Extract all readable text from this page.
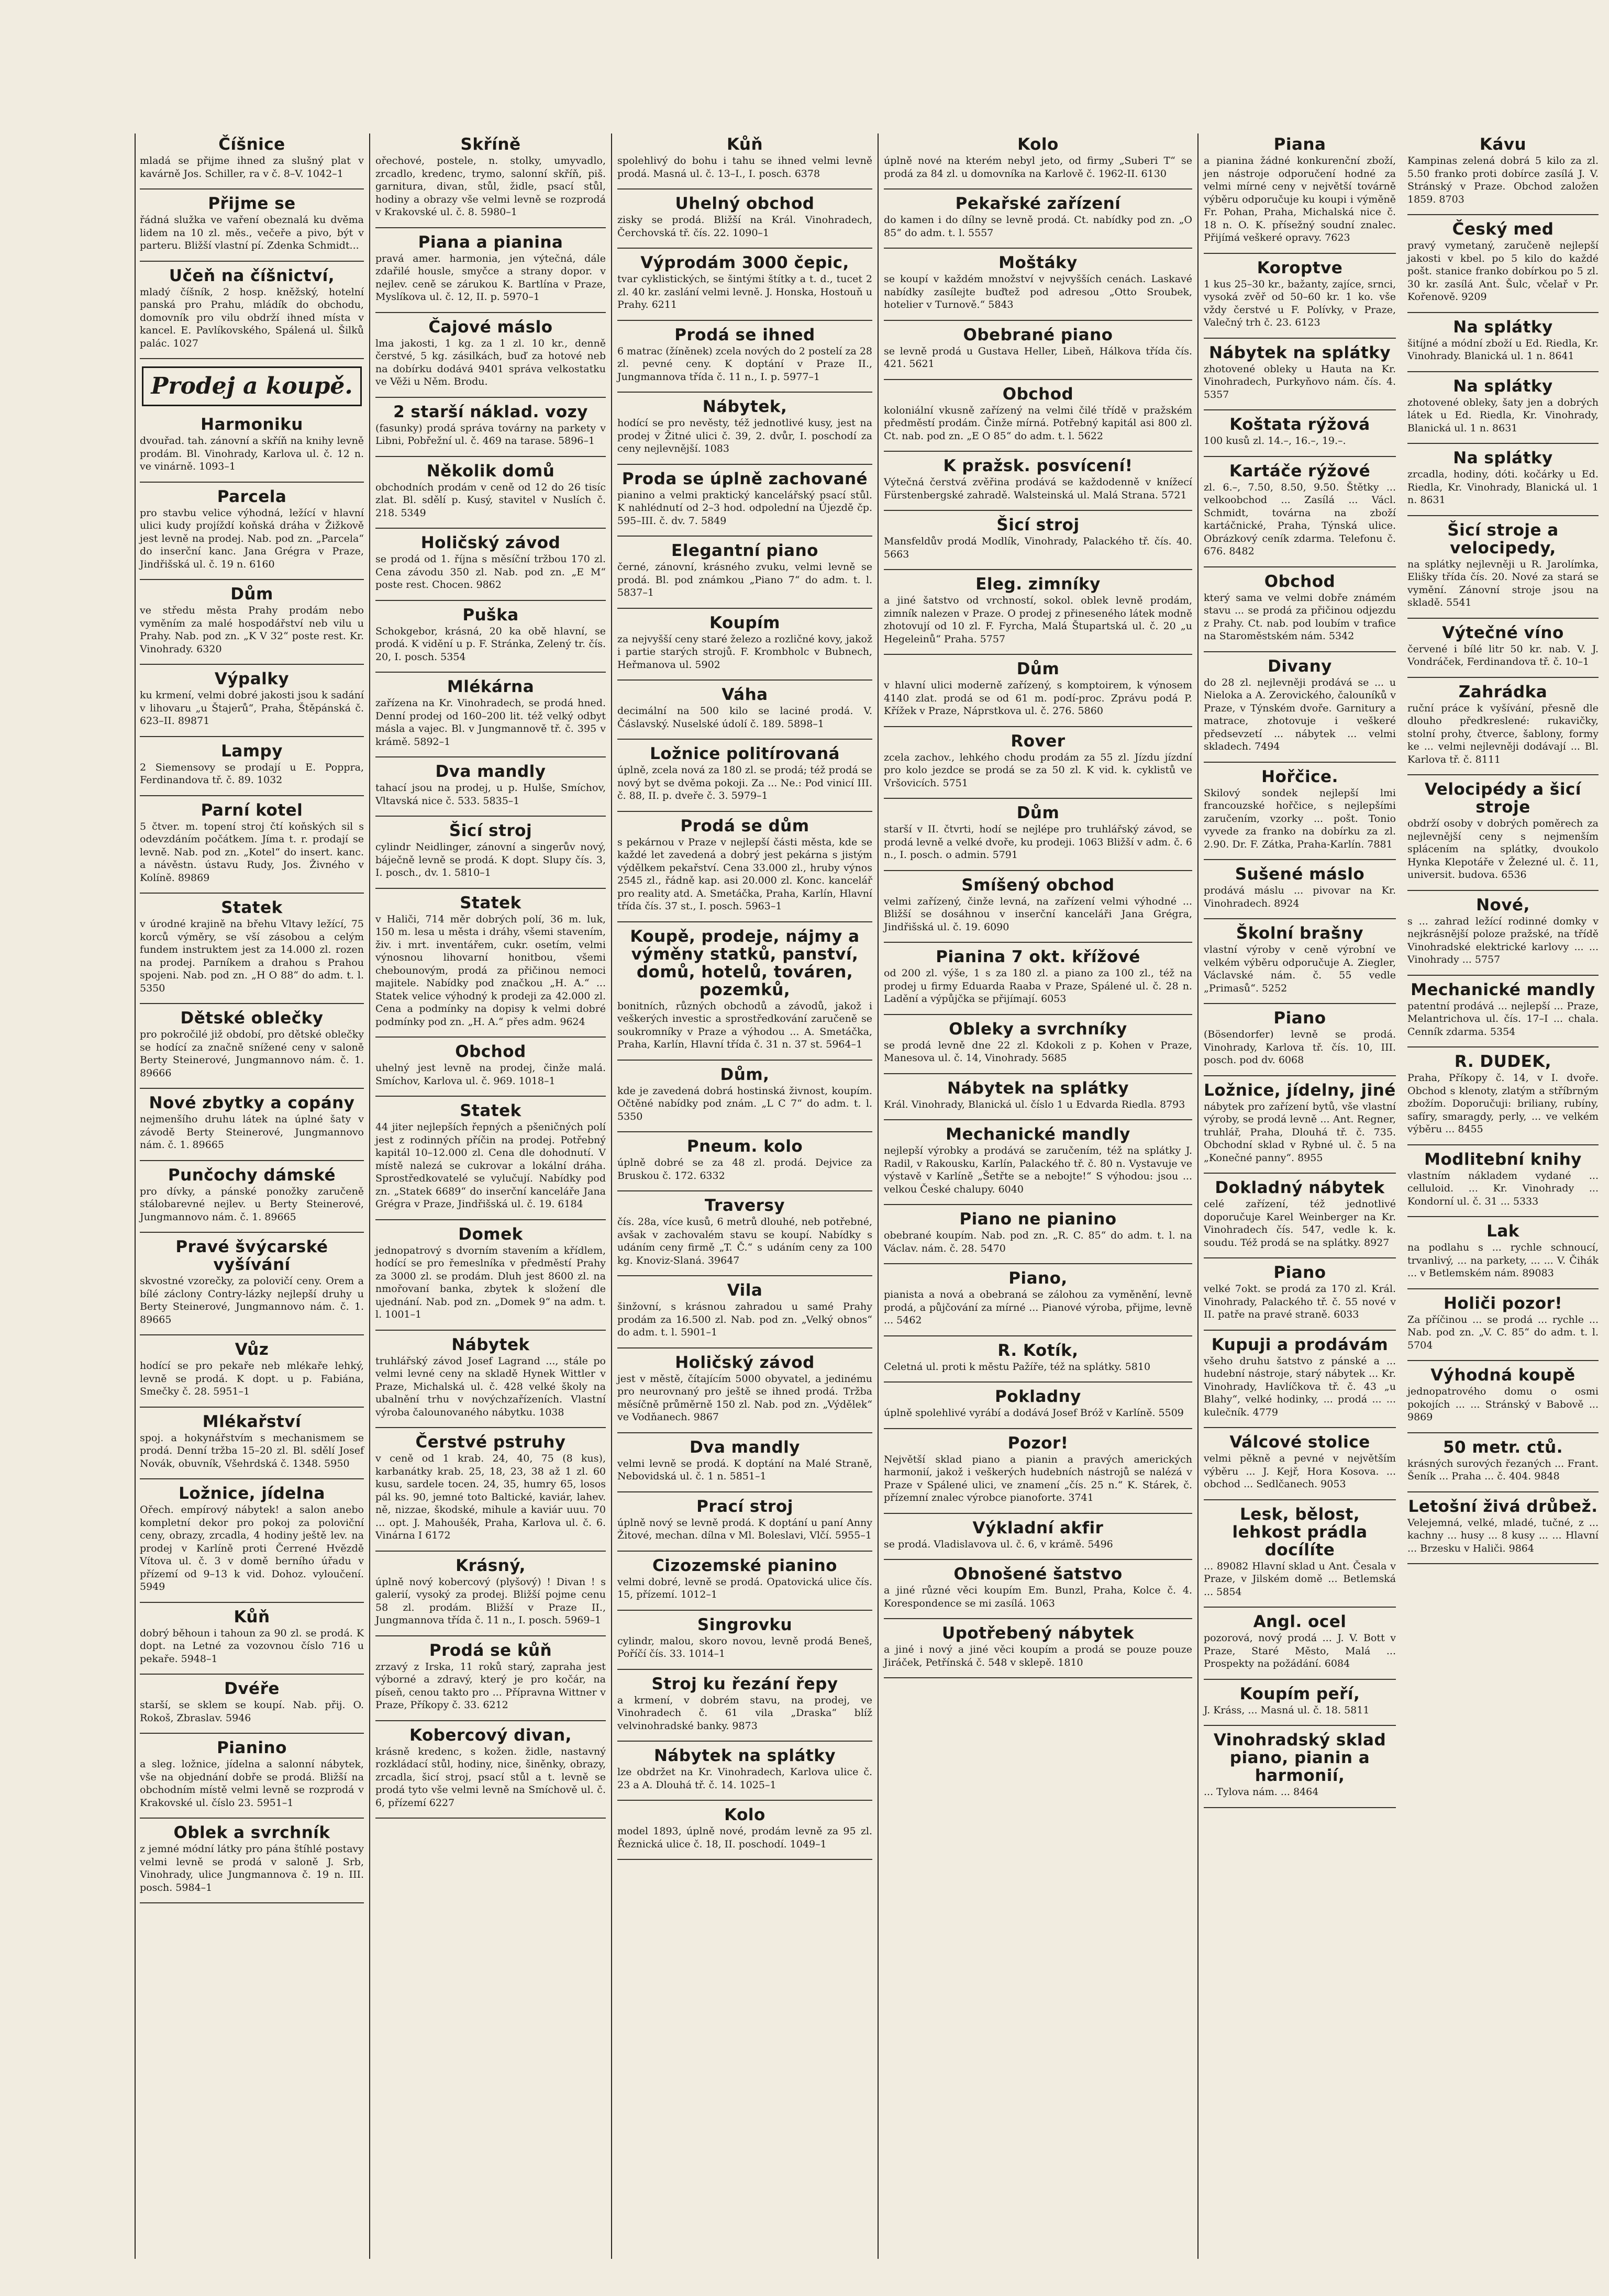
Číšnice

mladá se přijme ihned za slušný plat v kavárně Jos. Schiller, ra v č. 8–V. 1042–1

Přijme se

řádná služka ve vaření obeznalá ku dvěma lidem na 10 zl. měs., večeře a pivo, být v parteru. Bližší vlastní pí. Zdenka Schmidt...

Učeň na číšnictví,

mladý číšník, 2 hosp. kněžský, hotelní panská pro Prahu, mládík do obchodu, domovník pro vilu obdrží ihned místa v kancel. E. Pavlíkovského, Spálená ul. Šilků palác. 1027

Prodej a koupě.
Harmoniku

dvouřad. tah. zánovní a skříň na knihy levně prodám. Bl. Vinohrady, Karlova ul. č. 12 n. ve vinárně. 1093–1

Parcela

pro stavbu velice výhodná, ležící v hlavní ulici kudy projíždí koňská dráha v Žižkově jest levně na prodej. Nab. pod zn. „Parcela“ do inserční kanc. Jana Grégra v Praze, Jindřišská ul. č. 19 n. 6160

Dům

ve středu města Prahy prodám nebo vyměním za malé hospodářství neb vilu u Prahy. Nab. pod zn. „K V 32“ poste rest. Kr. Vinohrady. 6320

Výpalky

ku krmení, velmi dobré jakosti jsou k sadání v lihovaru „u Štajerů“, Praha, Štěpánská č. 623–II. 89871

Lampy

2 Siemensovy se prodají u E. Poppra, Ferdinandova tř. č. 89. 1032

Parní kotel

5 čtver. m. topení stroj čtí koňských sil s odevzdáním počátkem. Jíma t. r. prodají se levně. Nab. pod zn. „Kotel“ do insert. kanc. a návěstn. ústavu Rudy, Jos. Živného v Kolíně. 89869

Statek

v úrodné krajině na břehu Vltavy ležící, 75 korců výměry, se vší zásobou a celým fundem instruktem jest za 14.000 zl. rozen na prodej. Parníkem a drahou s Prahou spojeni. Nab. pod zn. „H O 88“ do adm. t. l. 5350

Dětské oblečky

pro pokročilé již období, pro dětské oblečky se hodící za značně snížené ceny v saloně Berty Steinerové, Jungmannovo nám. č. 1. 89666

Nové zbytky a copány

nejmenšího druhu látek na úplné šaty v závodě Berty Steinerové, Jungmannovo nám. č. 1. 89665

Punčochy dámské

pro dívky, a pánské ponožky zaručeně stálobarevné nejlev. u Berty Steinerové, Jungmannovo nám. č. 1. 89665

Pravé švýcarské vyšívání

skvostné vzorečky, za polovičí ceny. Orem a bílé záclony Contry-lázky nejlepší druhy u Berty Steinerové, Jungmannovo nám. č. 1. 89665

Vůz

hodící se pro pekaře neb mlékaře lehký, levně se prodá. K dopt. u p. Fabiána, Smečky č. 28. 5951–1

Mlékařství

spoj. a hokynářstvím s mechanismem se prodá. Denní tržba 15–20 zl. Bl. sdělí Josef Novák, obuvník, Všehrdská č. 1348. 5950

Ložnice, jídelna

Ořech. empírový nábytek! a salon anebo kompletní dekor pro pokoj za poloviční ceny, obrazy, zrcadla, 4 hodiny ještě lev. na prodej v Karlíně proti Čerrené Hvězdě Vítova ul. č. 3 v domě berního úřadu v přízemí od 9–13 k vid. Dohoz. vyloučení. 5949

Kůň

dobrý běhoun i tahoun za 90 zl. se prodá. K dopt. na Letné za vozovnou číslo 716 u pekaře. 5948–1

Dvéře

starší, se sklem se koupí. Nab. přij. O. Rokoš, Zbraslav. 5946

Pianino

a sleg. ložnice, jídelna a salonní nábytek, vše na objednání dobře se prodá. Bližší na obchodním místě velmi levně se rozprodá v Krakovské ul. číslo 23. 5951–1

Oblek a svrchník

z jemné módní látky pro pána štíhlé postavy velmi levně se prodá v saloně J. Srb, Vinohrady, ulice Jungmannova č. 19 n. III. posch. 5984–1

Skříně

ořechové, postele, n. stolky, umyvadlo, zrcadlo, kredenc, trymo, salonní skříň, piš. garnitura, divan, stůl, židle, psací stůl, hodiny a obrazy vše velmi levně se rozprodá v Krakovské ul. č. 8. 5980–1

Piana a pianina

pravá amer. harmonia, jen výtečná, dále zdařilé housle, smyčce a strany dopor. v nejlev. ceně se zárukou K. Bartlína v Praze, Myslíkova ul. č. 12, II. p. 5970–1

Čajové máslo

lma jakosti, 1 kg. za 1 zl. 10 kr., denně čerstvé, 5 kg. zásilkách, buď za hotové neb na dobírku dodává 9401 správa velkostatku ve Věži u Něm. Brodu.

2 starší náklad. vozy

(fasunky) prodá správa továrny na parkety v Libni, Pobřežní ul. č. 469 na tarase. 5896–1

Několik domů

obchodních prodám v ceně od 12 do 26 tisíc zlat. Bl. sdělí p. Kusý, stavitel v Nuslích č. 218. 5349

Holičský závod

se prodá od 1. října s měsíční tržbou 170 zl. Cena závodu 350 zl. Nab. pod zn. „E M“ poste rest. Chocen. 9862

Puška

Schokgebor, krásná, 20 ka obě hlavní, se prodá. K vidění u p. F. Stránka, Zelený tr. čís. 20, I. posch. 5354

Mlékárna

zařízena na Kr. Vinohradech, se prodá hned. Denní prodej od 160–200 lit. též velký odbyt másla a vajec. Bl. v Jungmannově tř. č. 395 v krámě. 5892–1

Dva mandly

tahací jsou na prodej, u p. Hulše, Smíchov, Vltavská nice č. 533. 5835–1

Šicí stroj

cylindr Neidlinger, zánovní a singerův nový, báječně levně se prodá. K dopt. Slupy čís. 3, I. posch., dv. 1. 5810–1

Statek

v Haliči, 714 měr dobrých polí, 36 m. luk, 150 m. lesa u města i dráhy, všemi stavením, živ. i mrt. inventářem, cukr. osetím, velmi výnosnou lihovarní honitbou, všemi chebounovým, prodá za přičinou nemoci majitele. Nabídky pod značkou „H. A.“ ... Statek velice výhodný k prodeji za 42.000 zl. Cena a podmínky na dopisy k velmi dobré podmínky pod zn. „H. A.“ přes adm. 9624

Obchod

uhelný jest levně na prodej, činže malá. Smíchov, Karlova ul. č. 969. 1018–1

Statek

44 jiter nejlepších řepných a pšeničných polí jest z rodinných příčin na prodej. Potřebný kapitál 10–12.000 zl. Cena dle dohodnutí. V místě nalezá se cukrovar a lokální dráha. Sprostředkovatelé se vylučují. Nabídky pod zn. „Statek 6689“ do inserční kanceláře Jana Grégra v Praze, Jindřišská ul. č. 19. 6184

Domek

jednopatrový s dvorním stavením a křídlem, hodící se pro řemeslníka v předměstí Prahy za 3000 zl. se prodám. Dluh jest 8600 zl. na nmořovaní banka, zbytek k složení dle ujednání. Nab. pod zn. „Domek 9“ na adm. t. l. 1001–1

Nábytek

truhlářský závod Josef Lagrand ..., stále po velmi levné ceny na skladě Hynek Wittler v Praze, Michalská ul. č. 428 velké školy na ubalnění trhu v novýchzařízeních. Vlastní výroba čalounovaného nábytku. 1038

Čerstvé pstruhy

v ceně od 1 krab. 24, 40, 75 (8 kus), karbanátky krab. 25, 18, 23, 38 až 1 zl. 60 kusu, sardele tocen. 24, 35, humry 65, losos pál ks. 90, jemné toto Baltické, kaviár, lahev. ně, nizzae, škodské, mihule a kaviár uuu. 70 ... opt. J. Mahoušék, Praha, Karlova ul. č. 6. Vinárna I 6172

Krásný,

úplně nový kobercový (plyšový) ! Divan ! s galerií, vysoký za prodej. Bližší pojme cenu 58 zl. prodám. Bližší v Praze II., Jungmannova třída č. 11 n., I. posch. 5969–1

Prodá se kůň

zrzavý z Irska, 11 roků starý, zapraha jest výborné a zdravý, který je pro kočár, na píseň, cenou takto pro ... Přípravna Wittner v Praze, Příkopy č. 33. 6212

Kobercový divan,

krásně kredenc, s kožen. židle, nastavný rozkládací stůl, hodiny, nice, šiněnky, obrazy, zrcadla, šicí stroj, psací stůl a t. levně se prodá tyto vše velmi levně na Smíchově ul. č. 6, přízemí 6227

Kůň

spolehlivý do bohu i tahu se ihned velmi levně prodá. Masná ul. č. 13–I., I. posch. 6378

Uhelný obchod

zisky se prodá. Bližší na Král. Vinohradech, Čerchovská tř. čís. 22. 1090–1

Výprodám 3000 čepic,

tvar cyklistických, se šintými štítky a t. d., tucet 2 zl. 40 kr. zaslání velmi levně. J. Honska, Hostouň u Prahy. 6211

Prodá se ihned

6 matrac (žíněnek) zcela nových do 2 postelí za 28 zl. pevné ceny. K doptání v Praze II., Jungmannova třída č. 11 n., I. p. 5977–1

Nábytek,

hodící se pro nevěsty, též jednotlivé kusy, jest na prodej v Žitné ulici č. 39, 2. dvůr, I. poschodí za ceny nejlevnější. 1083

Proda se úplně zachované

pianino a velmi praktický kancelářský psací stůl. K nahlédnutí od 2–3 hod. odpolední na Újezdě čp. 595–III. č. dv. 7. 5849

Elegantní piano

černé, zánovní, krásného zvuku, velmi levně se prodá. Bl. pod známkou „Piano 7“ do adm. t. l. 5837–1

Koupím

za nejvyšší ceny staré železo a rozličné kovy, jakož i partie starých strojů. F. Krombholc v Bubnech, Heřmanova ul. 5902

Váha

decimální na 500 kilo se laciné prodá. V. Čáslavský. Nuselské údolí č. 189. 5898–1

Ložnice politírovaná

úplně, zcela nová za 180 zl. se prodá; též prodá se nový byt se dvěma pokoji. Za ... Ne.: Pod vinicí III. č. 88, II. p. dveře č. 3. 5979–1

Prodá se dům

s pekárnou v Praze v nejlepší části města, kde se každé let zavedená a dobrý jest pekárna s jistým výdělkem pekařství. Cena 33.000 zl., hruby výnos 2545 zl., řádně kap. asi 20.000 zl. Konc. kancelář pro reality atd. A. Smetáčka, Praha, Karlín, Hlavní třída čís. 37 st., I. posch. 5963–1

Koupě, prodeje, nájmy a výměny statků, panství, domů, hotelů, továren, pozemků,

bonitních, různých obchodů a závodů, jakož i veškerých investic a sprostředkování zaručeně se soukromníky v Praze a výhodou ... A. Smetáčka, Praha, Karlín, Hlavní třída č. 31 n. 37 st. 5964–1

Dům,

kde je zavedená dobrá hostinská živnost, koupím. Očtěné nabídky pod znám. „L C 7“ do adm. t. l. 5350

Pneum. kolo

úplně dobré se za 48 zl. prodá. Dejvice za Bruskou č. 172. 6332

Traversy

čís. 28a, více kusů, 6 metrů dlouhé, neb potřebné, avšak v zachovalém stavu se koupí. Nabídky s udáním ceny firmě „T. Č.“ s udáním ceny za 100 kg. Knoviz-Slaná. 39647

Vila

šinžovní, s krásnou zahradou u samé Prahy prodám za 16.500 zl. Nab. pod zn. „Velký obnos“ do adm. t. l. 5901–1

Holičský závod

jest v městě, čítajícím 5000 obyvatel, a jedinému pro neurovnaný pro ještě se ihned prodá. Tržba měsíčně průměrně 150 zl. Nab. pod zn. „Výdělek“ ve Vodňanech. 9867

Dva mandly

velmi levně se prodá. K doptání na Malé Straně, Nebovidská ul. č. 1 n. 5851–1

Prací stroj

úplně nový se levně prodá. K doptání u paní Anny Žitové, mechan. dílna v Ml. Boleslavi, Vlčí. 5955–1

Cizozemské pianino

velmi dobré, levně se prodá. Opatovická ulice čís. 15, přízemí. 1012–1

Singrovku

cylindr, malou, skoro novou, levně prodá Beneš, Poříčí čís. 33. 1014–1

Stroj ku řezání řepy

a krmení, v dobrém stavu, na prodej, ve Vinohradech č. 61 vila „Draska“ blíž velvinohradské banky. 9873

Nábytek na splátky

lze obdržet na Kr. Vinohradech, Karlova ulice č. 23 a A. Dlouhá tř. č. 14. 1025–1

Kolo

model 1893, úplně nové, prodám levně za 95 zl. Řeznická ulice č. 18, II. poschodí. 1049–1

Kolo

úplně nové na kterém nebyl jeto, od firmy „Suberi T“ se prodá za 84 zl. u domovníka na Karlově č. 1962-II. 6130

Pekařské zařízení

do kamen i do dílny se levně prodá. Ct. nabídky pod zn. „O 85“ do adm. t. l. 5557

Moštáky

se koupí v každém množství v nejvyšších cenách. Laskavé nabídky zasílejte buďtež pod adresou „Otto Sroubek, hotelier v Turnově.“ 5843

Obebrané piano

se levně prodá u Gustava Heller, Libeň, Hálkova třída čís. 421. 5621

Obchod

koloniální vkusně zařízený na velmi čilé třídě v pražském předměstí prodám. Činže mírná. Potřebný kapitál asi 800 zl. Ct. nab. pod zn. „E O 85“ do adm. t. l. 5622

K pražsk. posvícení!

Výtečná čerstvá zvěřina prodává se každodenně v knížecí Fürstenbergské zahradě. Walsteinská ul. Malá Strana. 5721

Šicí stroj

Mansfeldův prodá Modlík, Vinohrady, Palackého tř. čís. 40. 5663

Eleg. zimníky

a jiné šatstvo od vrchností, sokol. oblek levně prodám, zimník nalezen v Praze. O prodej z přineseného látek modně zhotovují od 10 zl. F. Fyrcha, Malá Štupartská ul. č. 20 „u Hegeleinů“ Praha. 5757

Dům

v hlavní ulici moderně zařízený, s komptoirem, k výnosem 4140 zlat. prodá se od 61 m. podí-proc. Zprávu podá P. Křížek v Praze, Náprstkova ul. č. 276. 5860

Rover

zcela zachov., lehkého chodu prodám za 55 zl. Jízdu jízdní pro kolo jezdce se prodá se za 50 zl. K vid. k. cyklistů ve Vršovicích. 5751

Dům

starší v II. čtvrti, hodí se nejlépe pro truhlářský závod, se prodá levně a velké dvoře, ku prodeji. 1063 Bližší v adm. č. 6 n., I. posch. o admin. 5791

Smíšený obchod

velmi zařízený, činže levná, na zařízení velmi výhodné ... Bližší se dosáhnou v inserční kanceláři Jana Grégra, Jindřišská ul. č. 19. 6090

Pianina 7 okt. křížové

od 200 zl. výše, 1 s za 180 zl. a piano za 100 zl., též na prodej u firmy Eduarda Raaba v Praze, Spálené ul. č. 28 n. Ladění a výpůjčka se přijímají. 6053

Obleky a svrchníky

se prodá levně dne 22 zl. Kdokoli z p. Kohen v Praze, Manesova ul. č. 14, Vinohrady. 5685

Nábytek na splátky

Král. Vinohrady, Blanická ul. číslo 1 u Edvarda Riedla. 8793

Mechanické mandly

nejlepší výrobky a prodává se zaručením, též na splátky J. Radil, v Rakousku, Karlín, Palackého tř. č. 80 n. Vystavuje ve výstavě v Karlíně „Šetřte se a nebojte!“ S výhodou: jsou ... velkou České chalupy. 6040

Piano ne pianino

obebrané koupím. Nab. pod zn. „R. C. 85“ do adm. t. l. na Václav. nám. č. 28. 5470

Piano,

pianista a nová a obebraná se zálohou za vyměnění, levně prodá, a půjčování za mírné ... Pianové výroba, přijme, levně ... 5462

R. Kotík,

Celetná ul. proti k městu Pažíře, též na splátky. 5810

Pokladny

úplně spolehlivé vyrábí a dodává Josef Bróž v Karlíně. 5509

Pozor!

Největší sklad piano a pianin a pravých amerických harmonií, jakož i veškerých hudebních nástrojů se nalézá v Praze v Spálené ulici, ve znamení „čís. 25 n.“ K. Stárek, č. přízemní znalec výrobce pianoforte. 3741

Výkladní akfir

se prodá. Vladislavova ul. č. 6, v krámě. 5496

Obnošené šatstvo

a jiné různé věci koupím Em. Bunzl, Praha, Kolce č. 4. Korespondence se mi zasílá. 1063

Upotřebený nábytek

a jiné i nový a jiné věci koupím a prodá se pouze pouze Jiráček, Petřínská č. 548 v sklepě. 1810

Piana

a pianina žádné konkurenční zboží, jen nástroje odporučení hodné za velmi mírné ceny v největší továrně výběru odporučuje ku koupi i výměně Fr. Pohan, Praha, Michalská nice č. 18 n. O. K. přísežný soudní znalec. Přijímá veškeré opravy. 7623

Koroptve

1 kus 25–30 kr., bažanty, zajíce, srnci, vysoká zvěř od 50–60 kr. 1 ko. vše vždy čerstvé u F. Polívky, v Praze, Valečný trh č. 23. 6123

Nábytek na splátky

zhotovené obleky u Hauta na Kr. Vinohradech, Purkyňovo nám. čís. 4. 5357

Koštata rýžová

100 kusů zl. 14.–, 16.–, 19.–.

Kartáče rýžové

zl. 6.–, 7.50, 8.50, 9.50. Štětky ... velkoobchod ... Zasílá ... Václ. Schmidt, továrna na zboží kartáčnické, Praha, Týnská ulice. Obrázkový ceník zdarma. Telefonu č. 676. 8482

Obchod

který sama ve velmi dobře známém stavu ... se prodá za přičinou odjezdu z Prahy. Ct. nab. pod loubím v trafice na Staroměstském nám. 5342

Divany

do 28 zl. nejlevněji prodává se ... u Nieloka a A. Zerovického, čalouníků v Praze, v Týnském dvoře. Garnitury a matrace, zhotovuje i veškeré předsevzetí ... nábytek ... velmi skladech. 7494

Hořčice.

Skilový sondek nejlepší lmi francouzské hořčice, s nejlepšími zaručením, vzorky ... pošt. Tonio vyvede za franko na dobírku za zl. 2.90. Dr. F. Zátka, Praha-Karlín. 7881

Sušené máslo

prodává máslu ... pivovar na Kr. Vinohradech. 8924

Školní brašny

vlastní výroby v ceně výrobní ve velkém výběru odporučuje A. Ziegler, Václavské nám. č. 55 vedle „Primasů“. 5252

Piano

(Bösendorfer) levně se prodá. Vinohrady, Karlova tř. čís. 10, III. posch. pod dv. 6068

Ložnice, jídelny, jiné

nábytek pro zařízení bytů, vše vlastní výroby, se prodá levně ... Ant. Regner, truhlář, Praha, Dlouhá tř. č. 735. Obchodní sklad v Rybné ul. č. 5 na „Konečné panny“. 8955

Dokladný nábytek

celé zařízení, též jednotlivé doporučuje Karel Weinberger na Kr. Vinohradech čís. 547, vedle k. k. soudu. Též prodá se na splátky. 8927

Piano

velké 7okt. se prodá za 170 zl. Král. Vinohrady, Palackého tř. č. 55 nové v II. patře na pravé straně. 6033

Kupuji a prodávám

všeho druhu šatstvo z pánské a ... hudební nástroje, starý nábytek ... Kr. Vinohrady, Havlíčkova tř. č. 43 „u Blahy“, velké hodinky, ... prodá ... ... kulečník. 4779

Válcové stolice

velmi pěkně a pevné v největším výběru ... J. Kejř, Hora Kosova. ... obchod ... Sedlčanech. 9053

Lesk, bělost, lehkost prádla docílíte

... 89082 Hlavní sklad u Ant. Česala v Praze, v Jilském domě ... Betlemská ... 5854

Angl. ocel

pozorová, nový prodá ... J. V. Bott v Praze, Staré Město, Malá ... Prospekty na požádání. 6084

Koupím peří,

J. Kráss, ... Masná ul. č. 18. 5811

Vinohradský sklad piano, pianin a harmonií,

... Tylova nám. ... 8464

Kávu

Kampinas zelená dobrá 5 kilo za zl. 5.50 franko proti dobírce zasílá J. V. Stránský v Praze. Obchod založen 1859. 8703

Český med

pravý vymetaný, zaručeně nejlepší jakosti v kbel. po 5 kilo do každé pošt. stanice franko dobírkou po 5 zl. 30 kr. zasílá Ant. Šulc, včelař v Pr. Kořenově. 9209

Na splátky

šitíjné a módní zboží u Ed. Riedla, Kr. Vinohrady. Blanická ul. 1 n. 8641

Na splátky

zhotovené obleky, šaty jen a dobrých látek u Ed. Riedla, Kr. Vinohrady, Blanická ul. 1 n. 8631

Na splátky

zrcadla, hodiny, dóti. kočárky u Ed. Riedla, Kr. Vinohrady, Blanická ul. 1 n. 8631

Šicí stroje a velocipedy,

na splátky nejlevněji u R. Jarolímka, Elišky třída čís. 20. Nové za stará se vymění. Zánovní stroje jsou na skladě. 5541

Výtečné víno

červené i bílé litr 50 kr. nab. V. J. Vondráček, Ferdinandova tř. č. 10–1

Zahrádka

ruční práce k vyšívání, přesně dle dlouho předkreslené: rukavičky, stolní prohy, čtverce, šablony, formy ke ... velmi nejlevněji dodávají ... Bl. Karlova tř. č. 8111

Velocipédy a šicí stroje

obdrží osoby v dobrých poměrech za nejlevnější ceny s nejmenším splácením na splátky, dvoukolo Hynka Klepotáře v Železné ul. č. 11, universit. budova. 6536

Nové,

s ... zahrad ležící rodinné domky v nejkrásnější poloze pražské, na třídě Vinohradské elektrické karlovy ... ... Vinohrady ... 5757

Mechanické mandly

patentní prodává ... nejlepší ... Praze, Melantrichova ul. čís. 17–I ... chala. Cenník zdarma. 5354

R. DUDEK,

Praha, Příkopy č. 14, v I. dvoře. Obchod s klenoty, zlatým a stříbrným zbožím. Doporučuji: briliany, rubíny, safíry, smaragdy, perly, ... ve velkém výběru ... 8455

Modlitební knihy

vlastním nákladem vydané ... celluloid. ... Kr. Vinohrady ... Kondorní ul. č. 31 ... 5333

Lak

na podlahu s ... rychle schnoucí, trvanlivý, ... na parkety, ... ... V. Čihák ... v Betlemském nám. 89083

Holiči pozor!

Za příčinou ... se prodá ... rychle ... Nab. pod zn. „V. C. 85“ do adm. t. l. 5704

Výhodná koupě

jednopatrového domu o osmi pokojích ... ... Stránský v Babově ... 9869

50 metr. ctů.

krásných surových řezaných ... Frant. Šeník ... Praha ... č. 404. 9848

Letošní živá drůbež.

Velejemná, velké, mladé, tučné, z ... kachny ... husy ... 8 kusy ... ... Hlavní ... Brzesku v Haliči. 9864
